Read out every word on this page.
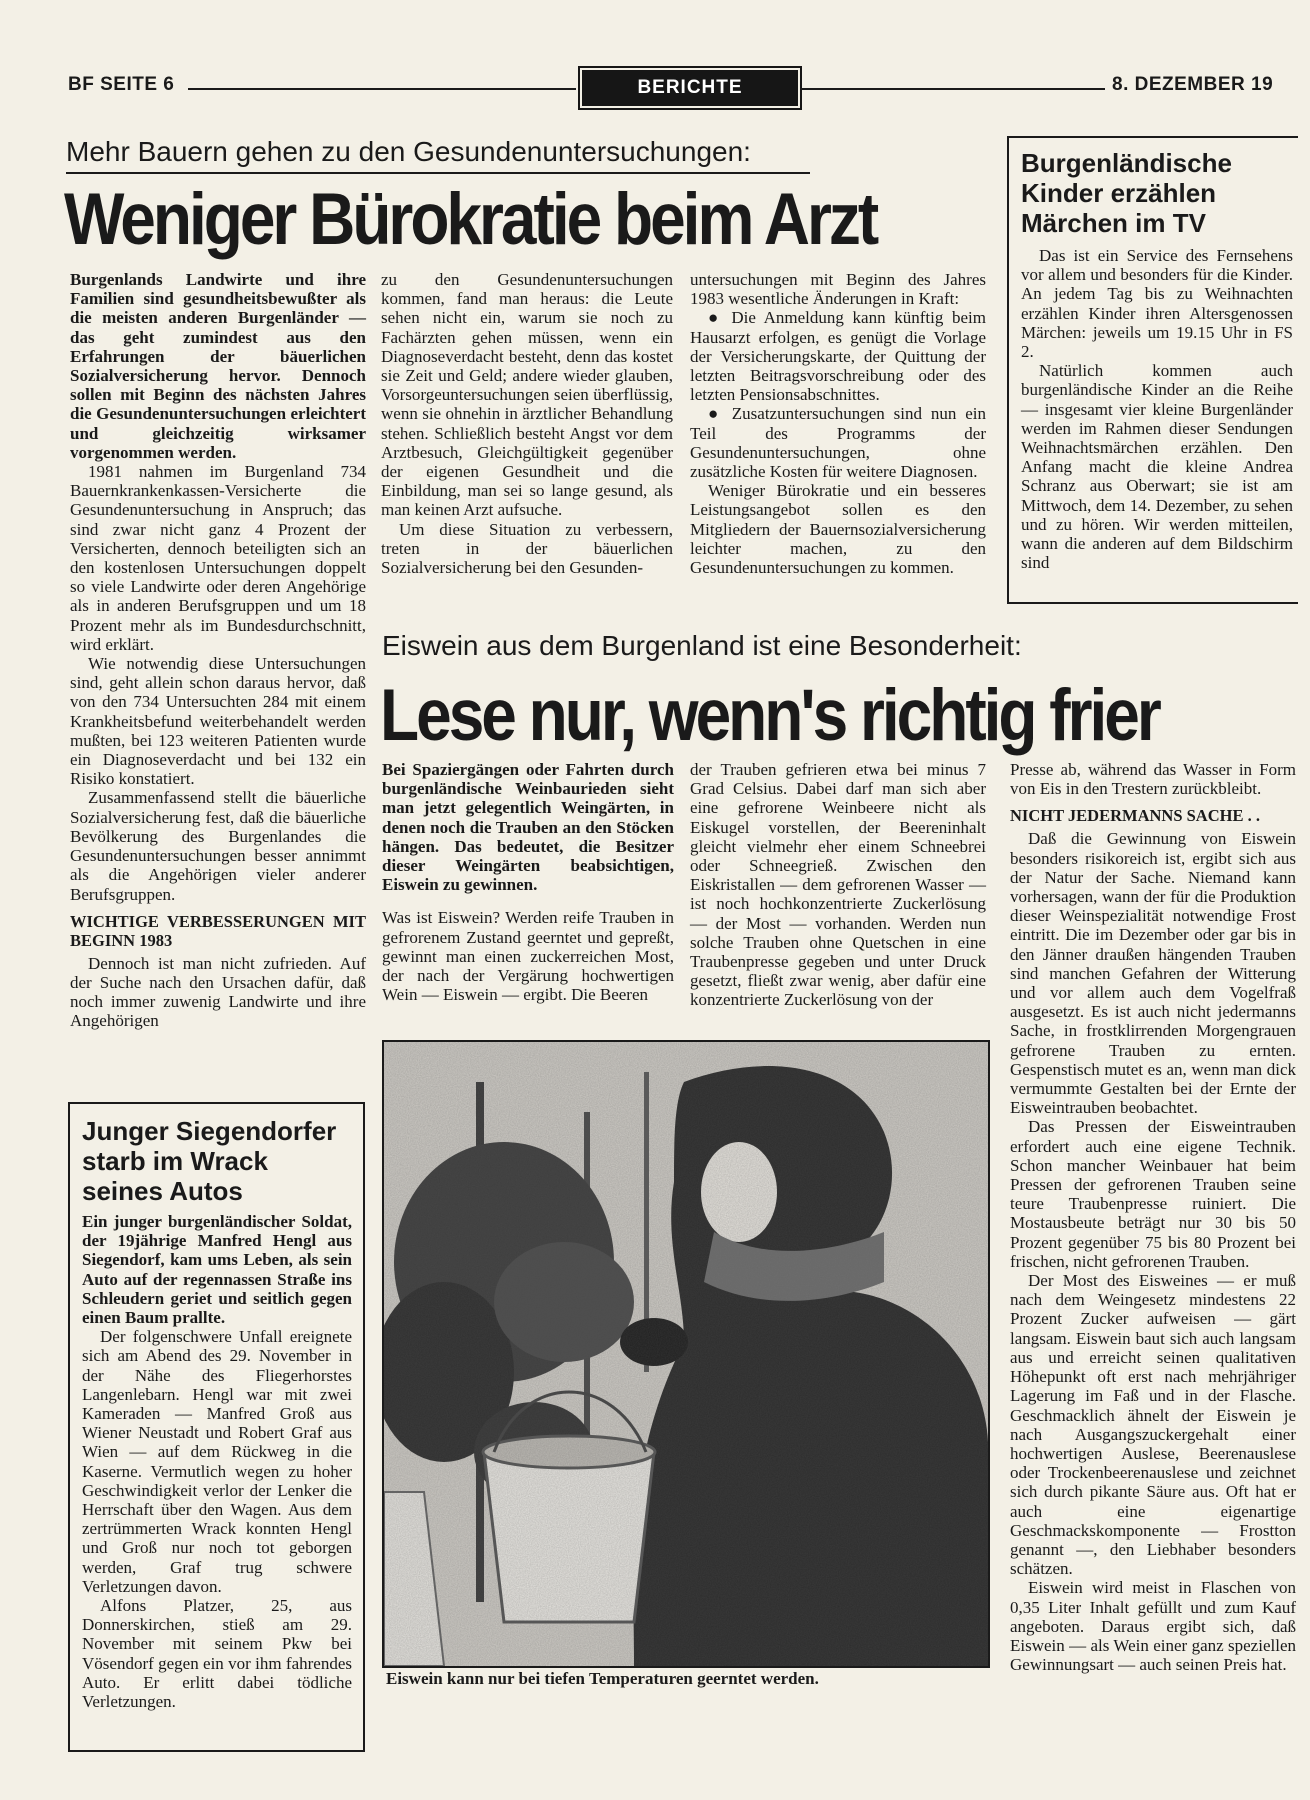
BF SEITE 6	BERICHTE	8. DEZEMBER 19
Mehr Bauern gehen zu den Gesundenuntersuchungen:
Weniger Bürokratie beim Arzt

Burgenlands Landwirte und ihre Familien sind gesundheitsbewußter als die meisten anderen Burgenländer — das geht zumindest aus den Erfahrungen der bäuerlichen Sozialversicherung hervor. Dennoch sollen mit Beginn des nächsten Jahres die Gesundenuntersuchungen erleichtert und gleichzeitig wirksamer vorgenommen werden.

1981 nahmen im Burgenland 734 Bauernkrankenkassen-Versicherte die Gesundenuntersuchung in Anspruch; das sind zwar nicht ganz 4 Prozent der Versicherten, dennoch beteiligten sich an den kostenlosen Untersuchungen doppelt so viele Landwirte oder deren Angehörige als in anderen Berufsgruppen und um 18 Prozent mehr als im Bundesdurchschnitt, wird erklärt.

Wie notwendig diese Untersuchungen sind, geht allein schon daraus hervor, daß von den 734 Untersuchten 284 mit einem Krankheitsbefund weiterbehandelt werden mußten, bei 123 weiteren Patienten wurde ein Diagnoseverdacht und bei 132 ein Risiko konstatiert.

Zusammenfassend stellt die bäuerliche Sozialversicherung fest, daß die bäuerliche Bevölkerung des Burgenlandes die Gesundenuntersuchungen besser annimmt als die Angehörigen vieler anderer Berufsgruppen.

WICHTIGE VERBESSERUNGEN MIT BEGINN 1983

Dennoch ist man nicht zufrieden. Auf der Suche nach den Ursachen dafür, daß noch immer zuwenig Landwirte und ihre Angehörigen

zu den Gesundenuntersuchungen kommen, fand man heraus: die Leute sehen nicht ein, warum sie noch zu Fachärzten gehen müssen, wenn ein Diagnoseverdacht besteht, denn das kostet sie Zeit und Geld; andere wieder glauben, Vorsorgeuntersuchungen seien überflüssig, wenn sie ohnehin in ärztlicher Behandlung stehen. Schließlich besteht Angst vor dem Arztbesuch, Gleichgültigkeit gegenüber der eigenen Gesundheit und die Einbildung, man sei so lange gesund, als man keinen Arzt aufsuche.

Um diese Situation zu verbessern, treten in der bäuerlichen Sozialversicherung bei den Gesunden-

untersuchungen mit Beginn des Jahres 1983 wesentliche Änderungen in Kraft:

● Die Anmeldung kann künftig beim Hausarzt erfolgen, es genügt die Vorlage der Versicherungskarte, der Quittung der letzten Beitragsvorschreibung oder des letzten Pensionsabschnittes.

● Zusatzuntersuchungen sind nun ein Teil des Programms der Gesundenuntersuchungen, ohne zusätzliche Kosten für weitere Diagnosen.

Weniger Bürokratie und ein besseres Leistungsangebot sollen es den Mitgliedern der Bauernsozialversicherung leichter machen, zu den Gesundenuntersuchungen zu kommen.

Burgenländische Kinder erzählen Märchen im TV

Das ist ein Service des Fernsehens vor allem und besonders für die Kinder. An jedem Tag bis zu Weihnachten erzählen Kinder ihren Altersgenossen Märchen: jeweils um 19.15 Uhr in FS 2.

Natürlich kommen auch burgenländische Kinder an die Reihe — insgesamt vier kleine Burgenländer werden im Rahmen dieser Sendungen Weihnachtsmärchen erzählen. Den Anfang macht die kleine Andrea Schranz aus Oberwart; sie ist am Mittwoch, dem 14. Dezember, zu sehen und zu hören. Wir werden mitteilen, wann die anderen auf dem Bildschirm sind

Eiswein aus dem Burgenland ist eine Besonderheit:
Lese nur, wenn's richtig frier

Bei Spaziergängen oder Fahrten durch burgenländische Weinbaurieden sieht man jetzt gelegentlich Weingärten, in denen noch die Trauben an den Stöcken hängen. Das bedeutet, die Besitzer dieser Weingärten beabsichtigen, Eiswein zu gewinnen.

Was ist Eiswein? Werden reife Trauben in gefrorenem Zustand geerntet und gepreßt, gewinnt man einen zuckerreichen Most, der nach der Vergärung hochwertigen Wein — Eiswein — ergibt. Die Beeren

der Trauben gefrieren etwa bei minus 7 Grad Celsius. Dabei darf man sich aber eine gefrorene Weinbeere nicht als Eiskugel vorstellen, der Beereninhalt gleicht vielmehr eher einem Schneebrei oder Schneegrieß. Zwischen den Eiskristallen — dem gefrorenen Wasser — ist noch hochkonzentrierte Zuckerlösung — der Most — vorhanden. Werden nun solche Trauben ohne Quetschen in eine Traubenpresse gegeben und unter Druck gesetzt, fließt zwar wenig, aber dafür eine konzentrierte Zuckerlösung von der

Presse ab, während das Wasser in Form von Eis in den Trestern zurückbleibt.

NICHT JEDERMANNS SACHE . .

Daß die Gewinnung von Eiswein besonders risikoreich ist, ergibt sich aus der Natur der Sache. Niemand kann vorhersagen, wann der für die Produktion dieser Weinspezialität notwendige Frost eintritt. Die im Dezember oder gar bis in den Jänner draußen hängenden Trauben sind manchen Gefahren der Witterung und vor allem auch dem Vogelfraß ausgesetzt. Es ist auch nicht jedermanns Sache, in frostklirrenden Morgengrauen gefrorene Trauben zu ernten. Gespenstisch mutet es an, wenn man dick vermummte Gestalten bei der Ernte der Eisweintrauben beobachtet.

Das Pressen der Eisweintrauben erfordert auch eine eigene Technik. Schon mancher Weinbauer hat beim Pressen der gefrorenen Trauben seine teure Traubenpresse ruiniert. Die Mostausbeute beträgt nur 30 bis 50 Prozent gegenüber 75 bis 80 Prozent bei frischen, nicht gefrorenen Trauben.

Der Most des Eisweines — er muß nach dem Weingesetz mindestens 22 Prozent Zucker aufweisen — gärt langsam. Eiswein baut sich auch langsam aus und erreicht seinen qualitativen Höhepunkt oft erst nach mehrjähriger Lagerung im Faß und in der Flasche. Geschmacklich ähnelt der Eiswein je nach Ausgangszuckergehalt einer hochwertigen Auslese, Beerenauslese oder Trockenbeerenauslese und zeichnet sich durch pikante Säure aus. Oft hat er auch eine eigenartige Geschmackskomponente — Frostton genannt —, den Liebhaber besonders schätzen.

Eiswein wird meist in Flaschen von 0,35 Liter Inhalt gefüllt und zum Kauf angeboten. Daraus ergibt sich, daß Eiswein — als Wein einer ganz speziellen Gewinnungsart — auch seinen Preis hat.

Eiswein kann nur bei tiefen Temperaturen geerntet werden.
Junger Siegendorfer starb im Wrack seines Autos

Ein junger burgenländischer Soldat, der 19jährige Manfred Hengl aus Siegendorf, kam ums Leben, als sein Auto auf der regennassen Straße ins Schleudern geriet und seitlich gegen einen Baum prallte.

Der folgenschwere Unfall ereignete sich am Abend des 29. November in der Nähe des Fliegerhorstes Langenlebarn. Hengl war mit zwei Kameraden — Manfred Groß aus Wiener Neustadt und Robert Graf aus Wien — auf dem Rückweg in die Kaserne. Vermutlich wegen zu hoher Geschwindigkeit verlor der Lenker die Herrschaft über den Wagen. Aus dem zertrümmerten Wrack konnten Hengl und Groß nur noch tot geborgen werden, Graf trug schwere Verletzungen davon.

Alfons Platzer, 25, aus Donnerskirchen, stieß am 29. November mit seinem Pkw bei Vösendorf gegen ein vor ihm fahrendes Auto. Er erlitt dabei tödliche Verletzungen.
